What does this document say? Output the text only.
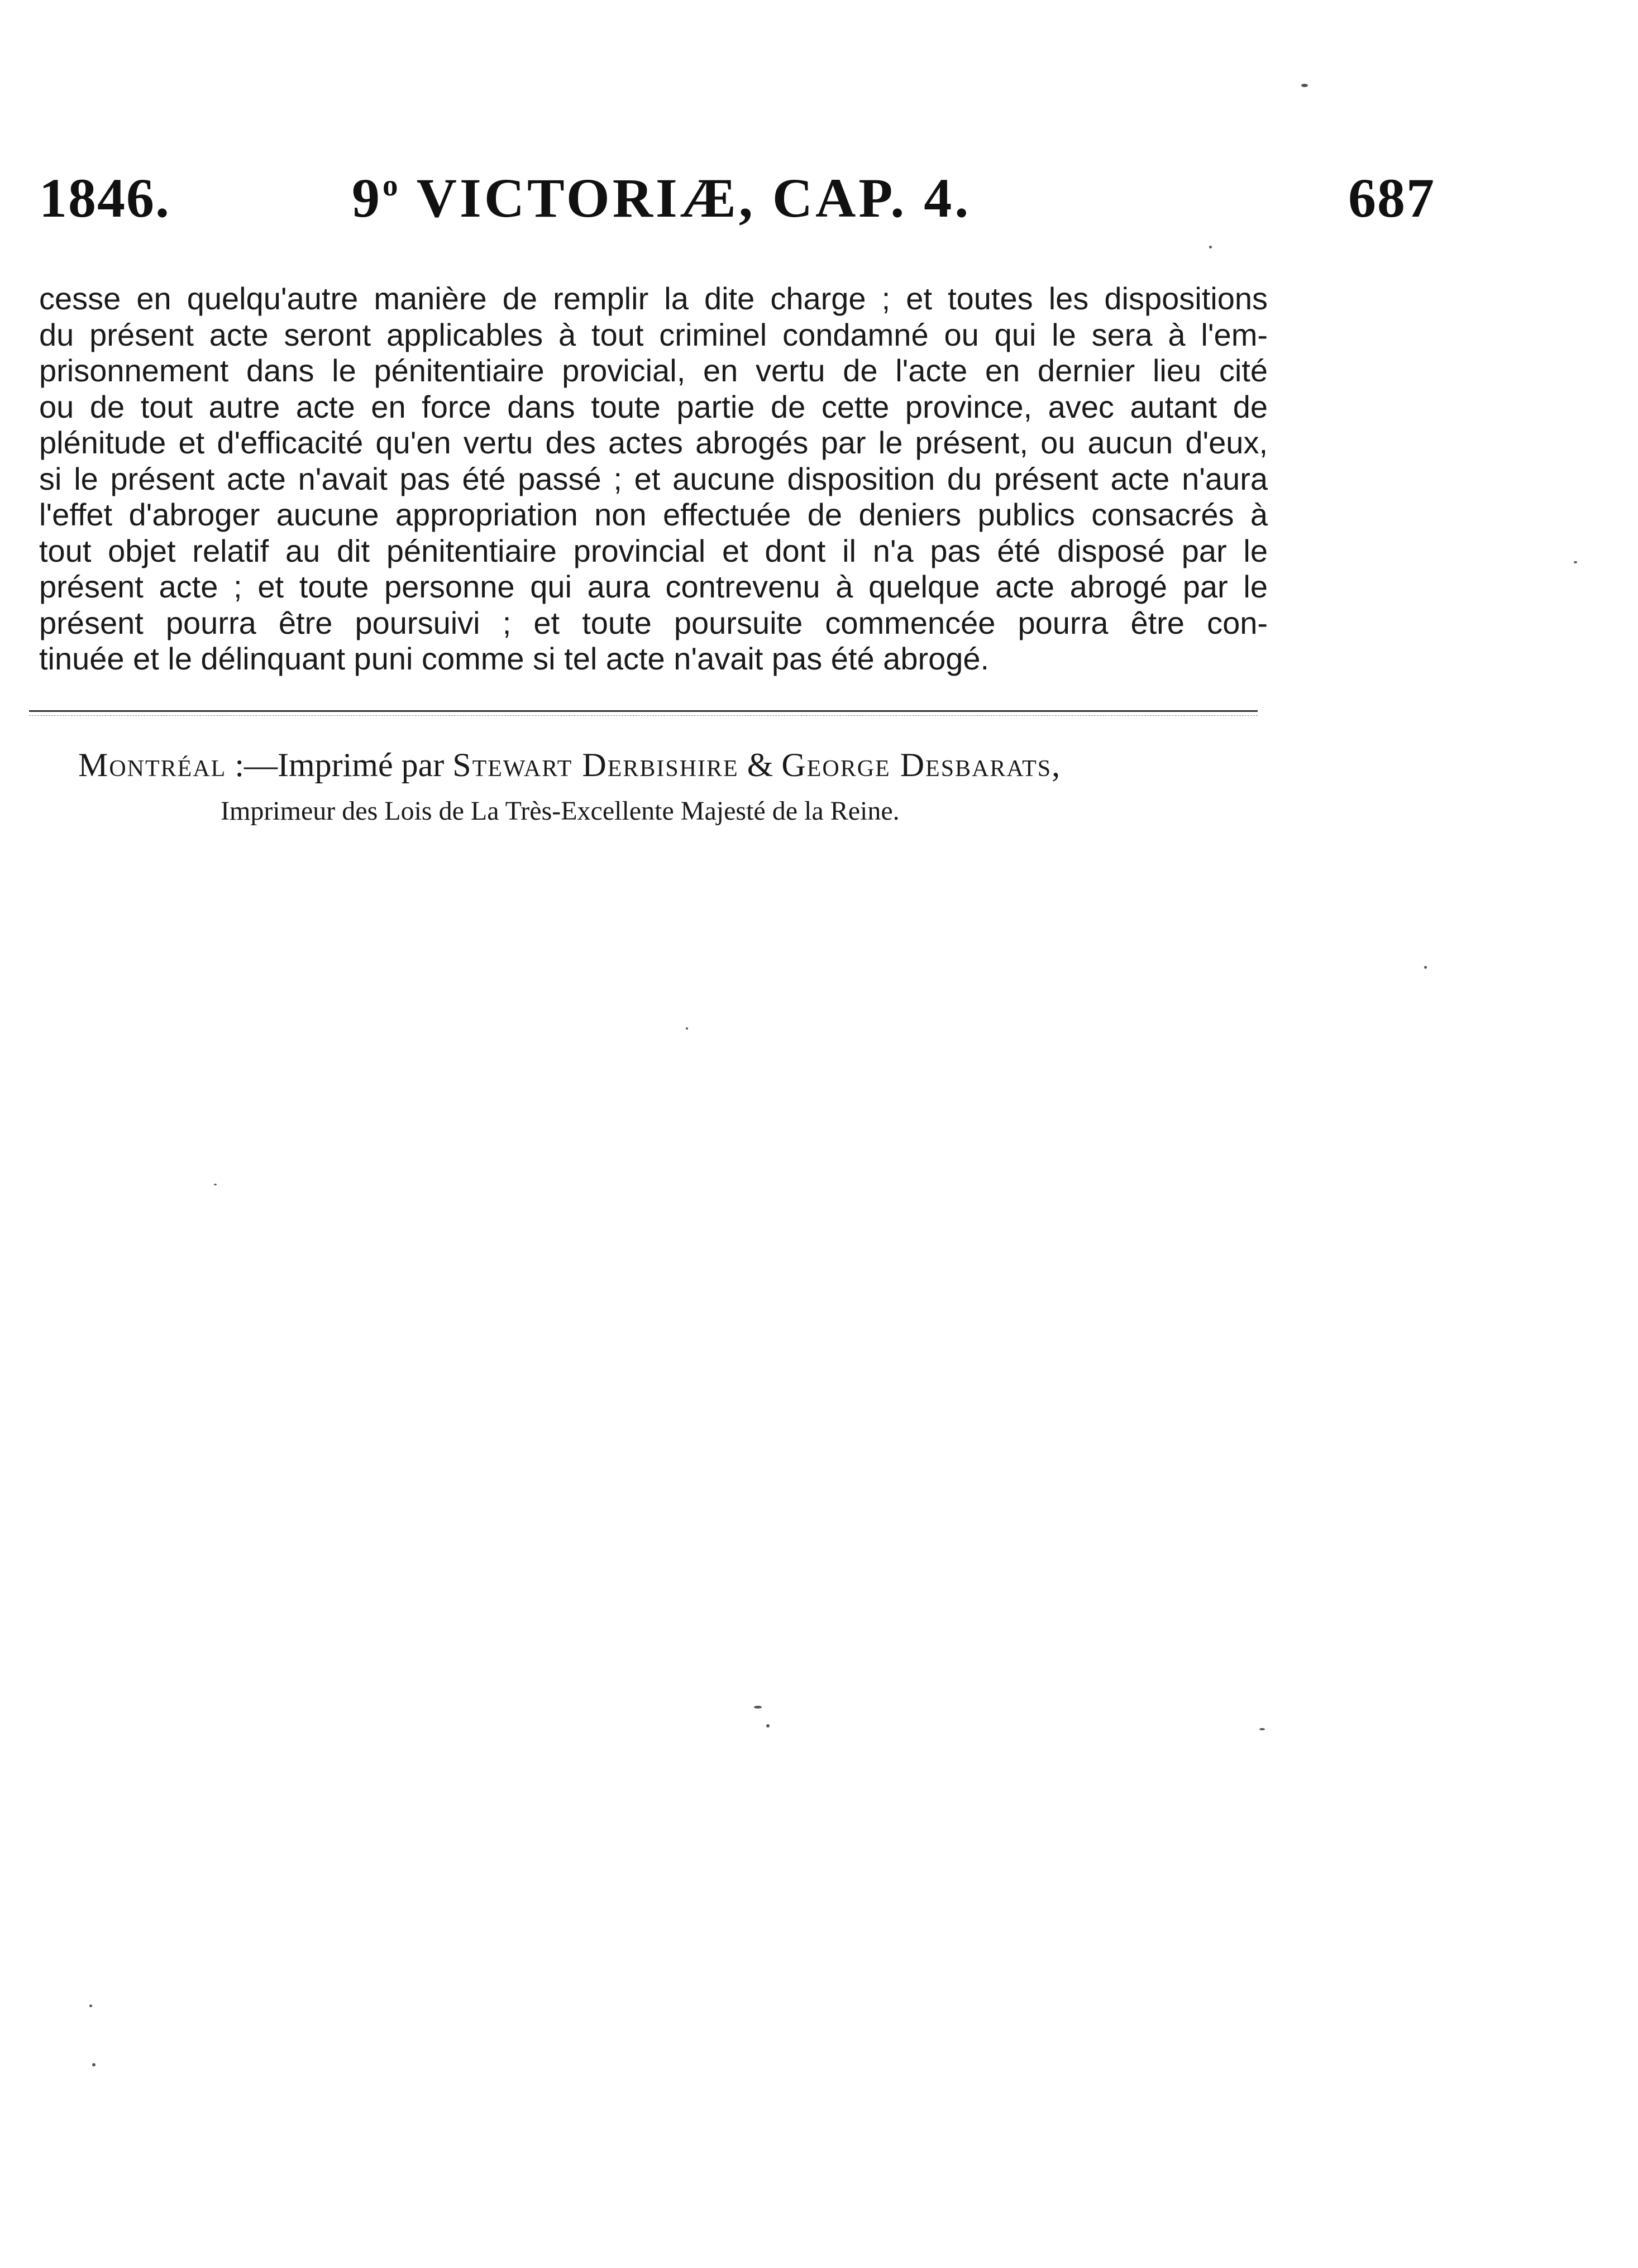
1846.	9$^o$ VICTORIÆ, CAP. 4.	687
cesse en quelqu'autre manière de remplir la dite charge ; et toutes les dispositions
du présent acte seront applicables à tout criminel condamné ou qui le sera à l'em-
prisonnement dans le pénitentiaire provicial, en vertu de l'acte en dernier lieu cité
ou de tout autre acte en force dans toute partie de cette province, avec autant de
plénitude et d'efficacité qu'en vertu des actes abrogés par le présent, ou aucun d'eux,
si le présent acte n'avait pas été passé ; et aucune disposition du présent acte n'aura
l'effet d'abroger aucune appropriation non effectuée de deniers publics consacrés à
tout objet relatif au dit pénitentiaire provincial et dont il n'a pas été disposé par le
présent acte ; et toute personne qui aura contrevenu à quelque acte abrogé par le
présent pourra être poursuivi ; et toute poursuite commencée pourra être con-
tinuée et le délinquant puni comme si tel acte n'avait pas été abrogé.
Montréal :—Imprimé par Stewart Derbishire & George Desbarats,
Imprimeur des Lois de La Très-Excellente Majesté de la Reine.
